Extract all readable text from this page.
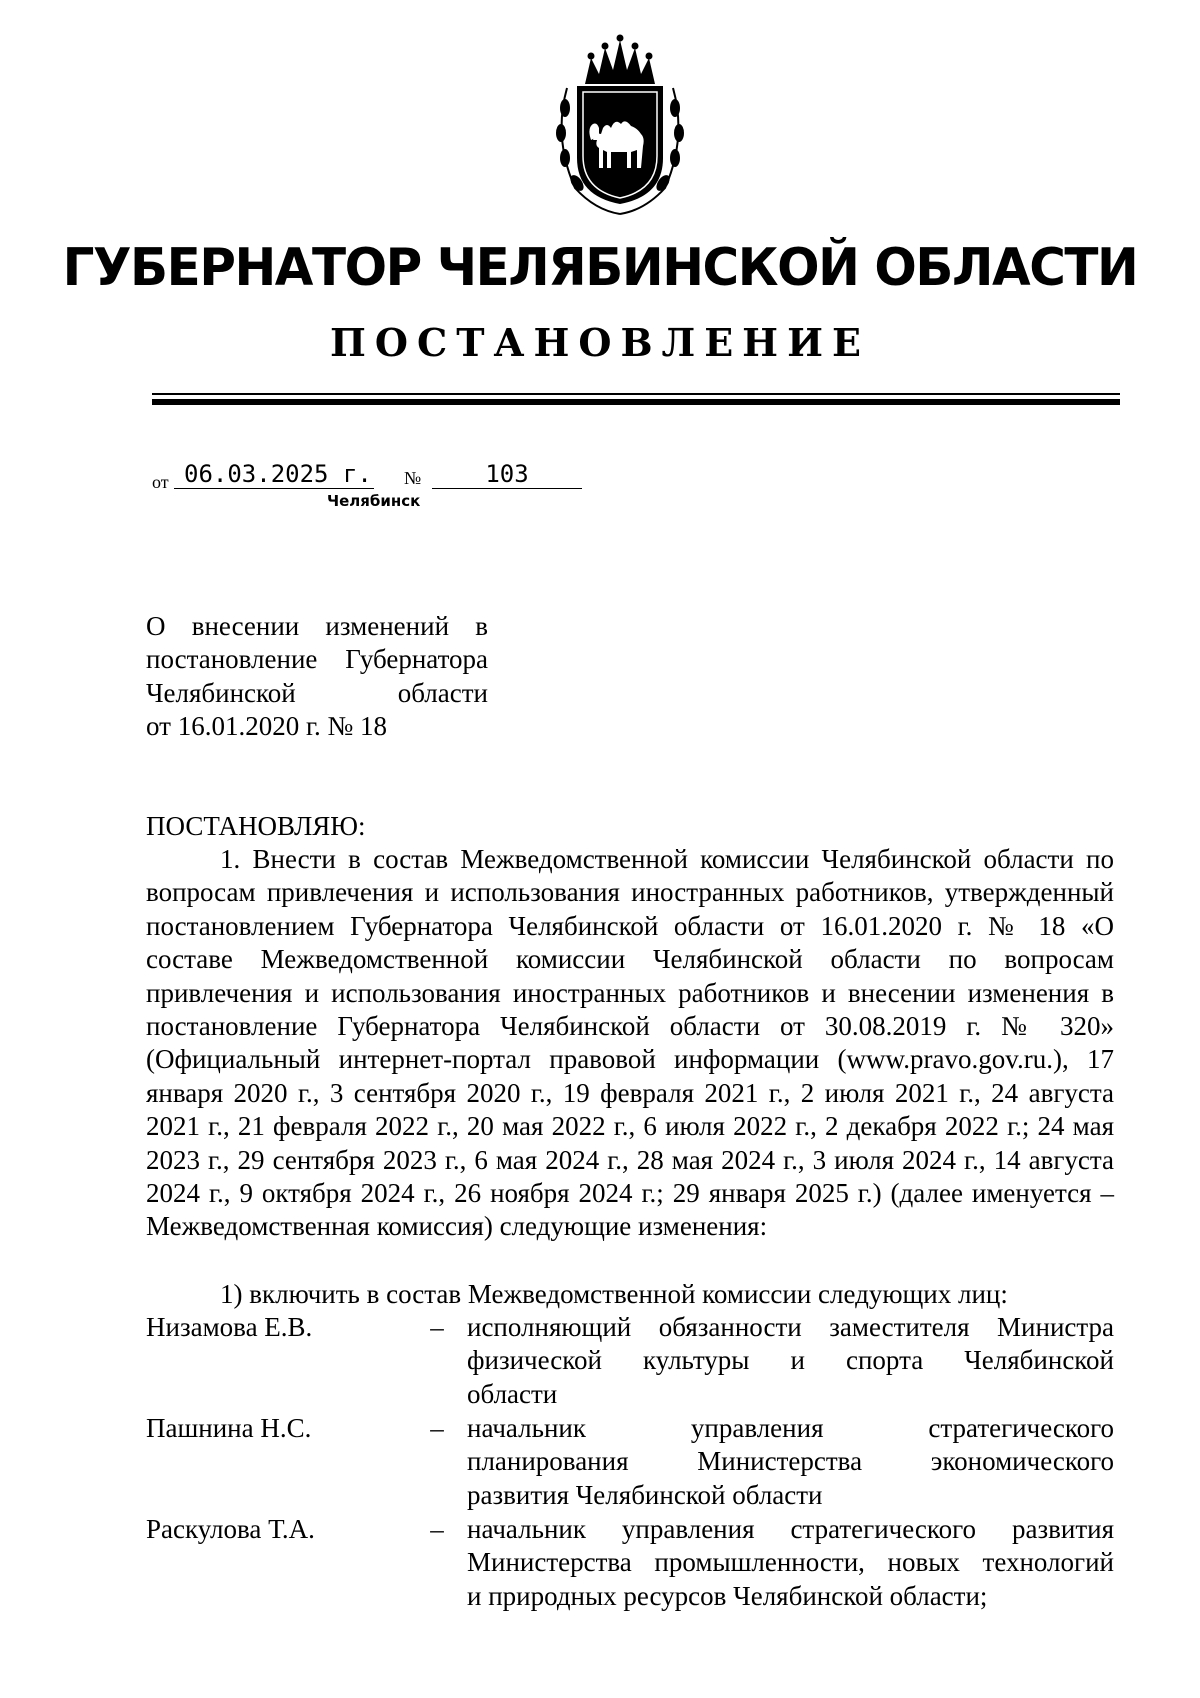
ГУБЕРНАТОР ЧЕЛЯБИНСКОЙ ОБЛАСТИ
ПОСТАНОВЛЕНИЕ
от 06.03.2025 г. №	103
Челябинск
О внесении изменений в
постановление Губернатора
Челябинской области
от 16.01.2020 г. № 18
ПОСТАНОВЛЯЮ:
1. Внести в состав Межведомственной комиссии Челябинской области по вопросам привлечения и использования иностранных работников, утвержденный постановлением Губернатора Челябинской области от 16.01.2020 г. № 18 «О составе Межведомственной комиссии Челябинской области по вопросам привлечения и использования иностранных работников и внесении изменения в постановление Губернатора Челябинской области от 30.08.2019 г. № 320» (Официальный интернет-портал правовой информации (www.pravo.gov.ru.), 17 января 2020 г., 3 сентября 2020 г., 19 февраля 2021 г., 2 июля 2021 г., 24 августа 2021 г., 21 февраля 2022 г., 20 мая 2022 г., 6 июля 2022 г., 2 декабря 2022 г.; 24 мая 2023 г., 29 сентября 2023 г., 6 мая 2024 г., 28 мая 2024 г., 3 июля 2024 г., 14 августа 2024 г., 9 октября 2024 г., 26 ноября 2024 г.; 29 января 2025 г.) (далее именуется – Межведомственная комиссия) следующие изменения:
1) включить в состав Межведомственной комиссии следующих лиц:
Низамова Е.В.	– исполняющий обязанности заместителя Министра
физической культуры и спорта Челябинской
области
Пашнина Н.С.	– начальник управления стратегического
планирования Министерства экономического
развития Челябинской области
Раскулова Т.А.	– начальник управления стратегического развития
Министерства промышленности, новых технологий
и природных ресурсов Челябинской области;
